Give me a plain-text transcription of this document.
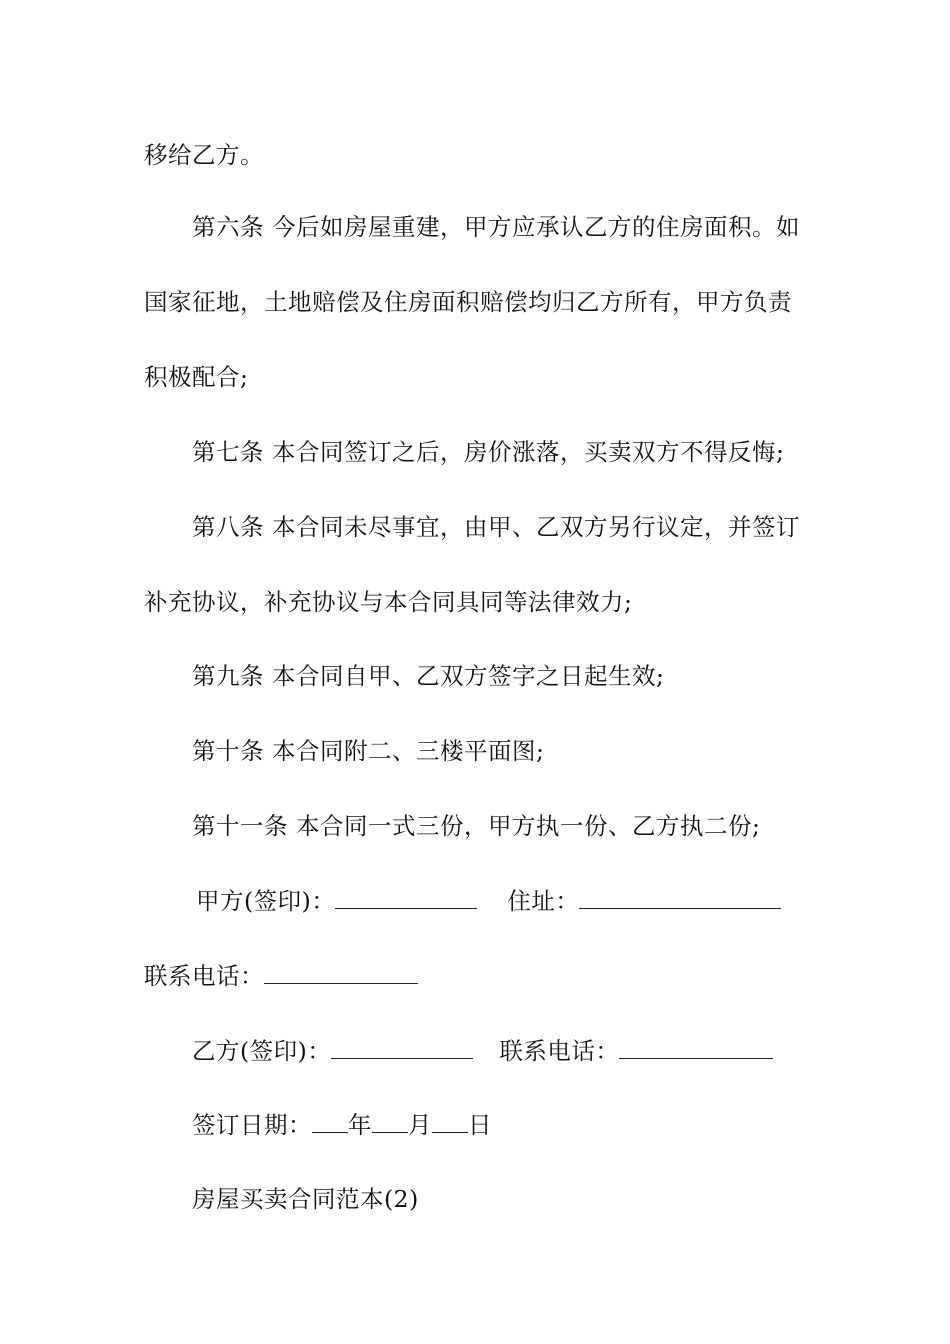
移给乙方。
第六条 今后如房屋重建，甲方应承认乙方的住房面积。如
国家征地，土地赔偿及住房面积赔偿均归乙方所有，甲方负责
积极配合;
第七条 本合同签订之后，房价涨落，买卖双方不得反悔;
第八条 本合同未尽事宜，由甲、乙双方另行议定，并签订
补充协议，补充协议与本合同具同等法律效力;
第九条 本合同自甲、乙双方签字之日起生效;
第十条 本合同附二、三楼平面图;
第十一条 本合同一式三份，甲方执一份、乙方执二份;
甲方(签印)：	住址：
联系电话：
乙方(签印)：	联系电话：
签订日期： 年 月 日
房屋买卖合同范本(2)
